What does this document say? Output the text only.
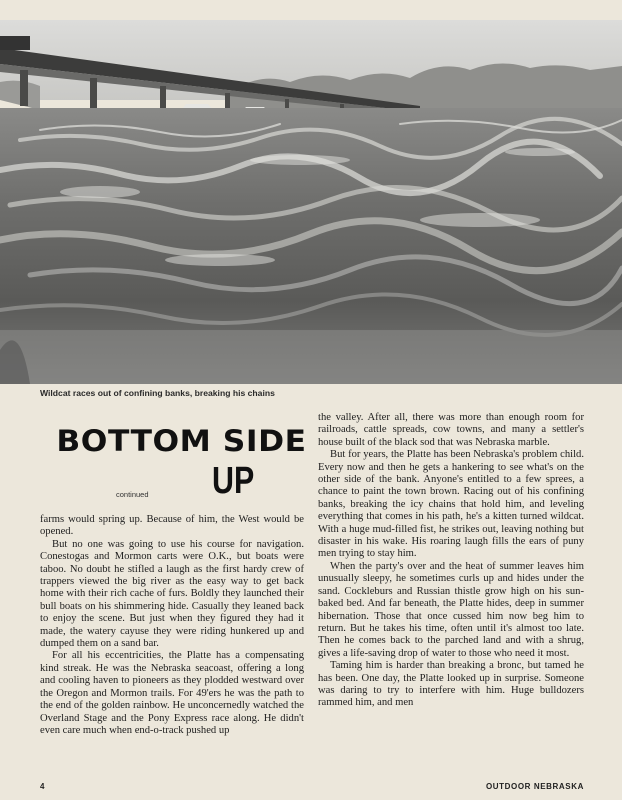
Wildcat races out of confining banks, breaking his chains
BOTTOM SIDE
continued UP

farms would spring up. Because of him, the West would be opened.

But no one was going to use his course for navigation. Conestogas and Mormon carts were O.K., but boats were taboo. No doubt he stifled a laugh as the first hardy crew of trappers viewed the big river as the easy way to get back home with their rich cache of furs. Boldly they launched their bull boats on his shimmering hide. Casually they leaned back to enjoy the scene. But just when they figured they had it made, the watery cayuse they were riding hunkered up and dumped them on a sand bar.

For all his eccentricities, the Platte has a compensating kind streak. He was the Nebraska seacoast, offering a long and cooling haven to pioneers as they plodded westward over the Oregon and Mormon trails. For 49'ers he was the path to the end of the golden rainbow. He unconcernedly watched the Overland Stage and the Pony Express race along. He didn't even care much when end-o-track pushed up

the valley. After all, there was more than enough room for railroads, cattle spreads, cow towns, and many a settler's house built of the black sod that was Nebraska marble.

But for years, the Platte has been Nebraska's problem child. Every now and then he gets a hankering to see what's on the other side of the bank. Anyone's entitled to a few sprees, a chance to paint the town brown. Racing out of his confining banks, breaking the icy chains that hold him, and leveling everything that comes in his path, he's a kitten turned wildcat. With a huge mud-filled fist, he strikes out, leaving nothing but disaster in his wake. His roaring laugh fills the ears of puny men trying to stay him.

When the party's over and the heat of summer leaves him unusually sleepy, he sometimes curls up and hides under the sand. Cockleburs and Russian thistle grow high on his sun-baked bed. And far beneath, the Platte hides, deep in summer hibernation. Those that once cussed him now beg him to return. But he takes his time, often until it's almost too late. Then he comes back to the parched land and with a shrug, gives a life-saving drop of water to those who need it most.

Taming him is harder than breaking a bronc, but tamed he has been. One day, the Platte looked up in surprise. Someone was daring to try to interfere with him. Huge bulldozers rammed him, and men

4	OUTDOOR NEBRASKA
